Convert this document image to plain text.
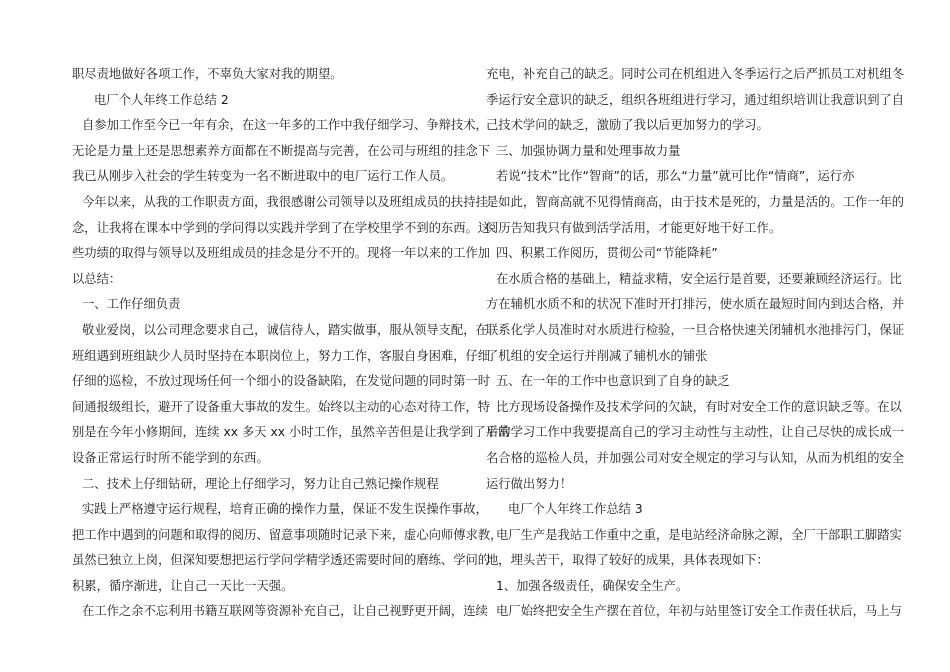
职尽责地做好各项工作，不辜负大家对我的期望。
电厂个人年终工作总结 2
自参加工作至今已一年有余，在这一年多的工作中我仔细学习、争辩技术，
无论是力量上还是思想素养方面都在不断提高与完善，在公司与班组的挂念下
我已从刚步入社会的学生转变为一名不断进取中的电厂运行工作人员。
今年以来，从我的工作职责方面，我很感谢公司领导以及班组成员的扶持挂
念，让我将在课本中学到的学问得以实践并学到了在学校里学不到的东西。这
些功绩的取得与领导以及班组成员的挂念是分不开的。现将一年以来的工作加
以总结：
一、工作仔细负责
敬业爱岗，以公司理念要求自己，诚信待人，踏实做事，服从领导支配，在
班组遇到班组缺少人员时坚持在本职岗位上，努力工作，客服自身困难，仔细
仔细的巡检，不放过现场任何一个细小的设备缺陷，在发觉问题的同时第一时
间通报级组长，避开了设备重大事故的发生。始终以主动的心态对待工作，特
别是在今年小修期间，连续 xx 多天 xx 小时工作，虽然辛苦但是让我学到了平常
设备正常运行时所不能学到的东西。
二、技术上仔细钻研，理论上仔细学习，努力让自己熟记操作规程
实践上严格遵守运行规程，培育正确的操作力量，保证不发生误操作事故，
把工作中遇到的问题和取得的阅历、留意事项随时记录下来，虚心向师傅求教，
虽然已独立上岗，但深知要想把运行学问学精学透还需要时间的磨练、学问的
积累，循序渐进，让自己一天比一天强。
在工作之余不忘利用书籍互联网等资源补充自己，让自己视野更开阔，连续
充电，补充自己的缺乏。同时公司在机组进入冬季运行之后严抓员工对机组冬
季运行安全意识的缺乏，组织各班组进行学习，通过组织培训让我意识到了自
己技术学问的缺乏，激励了我以后更加努力的学习。
三、加强协调力量和处理事故力量
若说“技术”比作“智商”的话，那么“力量”就可比作“情商”，运行亦
是如此，智商高就不见得情商高，由于技术是死的，力量是活的。工作一年的
阅历告知我只有做到活学活用，才能更好地干好工作。
四、积累工作阅历，贯彻公司“节能降耗”
在水质合格的基础上，精益求精，安全运行是首要，还要兼顾经济运行。比
方在辅机水质不和的状况下准时开打排污，使水质在最短时间内到达合格，并
联系化学人员准时对水质进行检验，一旦合格快速关闭辅机水池排污门，保证
了机组的安全运行并削减了辅机水的铺张
五、在一年的工作中也意识到了自身的缺乏
比方现场设备操作及技术学问的欠缺，有时对安全工作的意识缺乏等。在以
后的学习工作中我要提高自己的学习主动性与主动性，让自己尽快的成长成一
名合格的巡检人员，并加强公司对安全规定的学习与认知，从而为机组的安全
运行做出努力！
电厂个人年终工作总结 3
电厂生产是我站工作重中之重，是电站经济命脉之源，全厂干部职工脚踏实
地，埋头苦干，取得了较好的成果，具体表现如下：
1、加强各级责任，确保安全生产。
电厂始终把安全生产摆在首位，年初与站里签订安全工作责任状后，马上与
